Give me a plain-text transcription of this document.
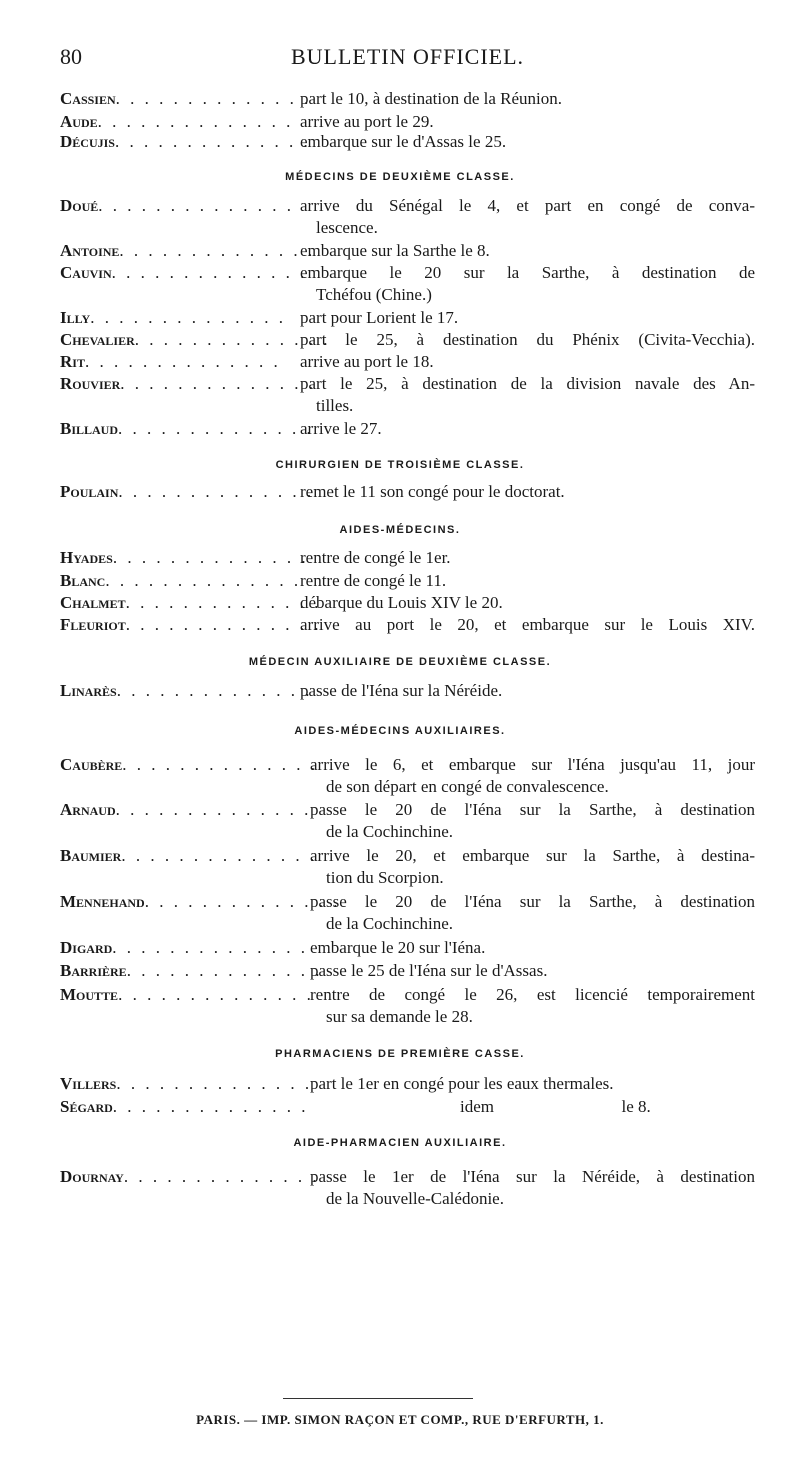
80	BULLETIN OFFICIEL.
Cassien. . . . . . . . . . . . . .
part le 10, à destination de la Réunion.
Aude. . . . . . . . . . . . . . arrive au port le 29.
Décujis. . . . . . . . . . . . . .
embarque sur le d'Assas le 25.
MÉDECINS DE DEUXIÈME CLASSE.
Doué. . . . . . . . . . . . . . arrive du Sénégal le 4, et part en congé de conva-
lescence.
Antoine. . . . . . . . . . . . . .
embarque sur la Sarthe le 8.
Cauvin. . . . . . . . . . . . . .
embarque le 20 sur la Sarthe, à destination de
Tchéfou (Chine.)
Illy. . . . . . . . . . . . . . part pour Lorient le 17.
Chevalier. . . . . . . . . . . . . .
part le 25, à destination du Phénix (Civita-Vecchia).
Rit. . . . . . . . . . . . . . arrive au port le 18.
Rouvier. . . . . . . . . . . . . .
part le 25, à destination de la division navale des An-
tilles.
Billaud. . . . . . . . . . . . . .
arrive le 27.
CHIRURGIEN DE TROISIÈME CLASSE.
Poulain. . . . . . . . . . . . . .
remet le 11 son congé pour le doctorat.
AIDES-MÉDECINS.
Hyades. . . . . . . . . . . . . .
rentre de congé le 1er.
Blanc. . . . . . . . . . . . . .
rentre de congé le 11.
Chalmet. . . . . . . . . . . . . .
débarque du Louis XIV le 20.
Fleuriot. . . . . . . . . . . . . .
arrive au port le 20, et embarque sur le Louis XIV.
MÉDECIN AUXILIAIRE DE DEUXIÈME CLASSE.
Linarès. . . . . . . . . . . . . .
passe de l'Iéna sur la Néréide.
AIDES-MÉDECINS AUXILIAIRES.
Caubère. . . . . . . . . . . . . .
arrive le 6, et embarque sur l'Iéna jusqu'au 11, jour
de son départ en congé de convalescence.
Arnaud. . . . . . . . . . . . . .
passe le 20 de l'Iéna sur la Sarthe, à destination
de la Cochinchine.
Baumier. . . . . . . . . . . . . .
arrive le 20, et embarque sur la Sarthe, à destina-
tion du Scorpion.
Mennehand. . . . . . . . . . . . . .
passe le 20 de l'Iéna sur la Sarthe, à destination
de la Cochinchine.
Digard. . . . . . . . . . . . . . embarque le 20 sur l'Iéna.
Barrière. . . . . . . . . . . . . .
passe le 25 de l'Iéna sur le d'Assas.
Moutte. . . . . . . . . . . . . .
rentre de congé le 26, est licencié temporairement
sur sa demande le 28.
PHARMACIENS DE PREMIÈRE CASSE.
Villers. . . . . . . . . . . . . .
part le 1er en congé pour les eaux thermales.
Ségard. . . . . . . . . . . . . .	idem                              le 8.
AIDE-PHARMACIEN AUXILIAIRE.
Dournay. . . . . . . . . . . . . .
passe le 1er de l'Iéna sur la Néréide, à destination
de la Nouvelle-Calédonie.
PARIS. — IMP. SIMON RAÇON ET COMP., RUE D'ERFURTH, 1.
